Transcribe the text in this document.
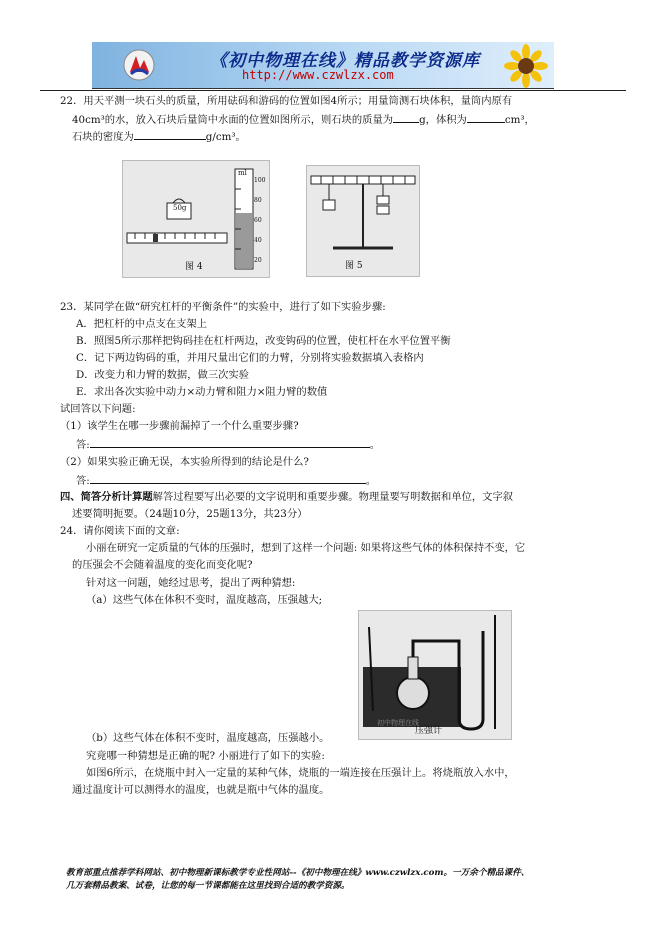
《初中物理在线》精品教学资源库
http://www.czwlzx.com
22．用天平测一块石头的质量，所用砝码和游码的位置如图4所示；用量筒测石块体积，量筒内原有
40cm³的水，放入石块后量筒中水面的位置如图所示，则石块的质量为	g，体积为	cm³，
石块的密度为	g/cm³。
50g
ml
100
80
60
40
20
图 4	图 5
23．某同学在做“研究杠杆的平衡条件”的实验中，进行了如下实验步骤:
A．把杠杆的中点支在支架上
B．照图5所示那样把钩码挂在杠杆两边，改变钩码的位置，使杠杆在水平位置平衡
C．记下两边钩码的重，并用尺量出它们的力臂，分别将实验数据填入表格内
D．改变力和力臂的数据，做三次实验
E．求出各次实验中动力×动力臂和阻力×阻力臂的数值
试回答以下问题:
（1）该学生在哪一步骤前漏掉了一个什么重要步骤?
答:	。
（2）如果实验正确无误，本实验所得到的结论是什么?
答:	。
四、简答分析计算题解答过程要写出必要的文字说明和重要步骤。物理量要写明数据和单位，文字叙
述要简明扼要。（24题10分，25题13分，共23分）
24．请你阅读下面的文章:
小丽在研究一定质量的气体的压强时，想到了这样一个问题: 如果将这些气体的体积保持不变，它
的压强会不会随着温度的变化而变化呢?
针对这一问题，她经过思考，提出了两种猜想:
（a）这些气体在体积不变时，温度越高，压强越大;
初中物理在线
压强计
（b）这些气体在体积不变时，温度越高，压强越小。
究竟哪一种猜想是正确的呢? 小丽进行了如下的实验:
如图6所示，在烧瓶中封入一定量的某种气体，烧瓶的一端连接在压强计上。将烧瓶放入水中，
通过温度计可以测得水的温度，也就是瓶中气体的温度。
教育部重点推荐学科网站、初中物理新课标教学专业性网站--《初中物理在线》www.czwlzx.com。一万余个精品课件、
几万套精品教案、试卷，让您的每一节课都能在这里找到合适的教学资源。
